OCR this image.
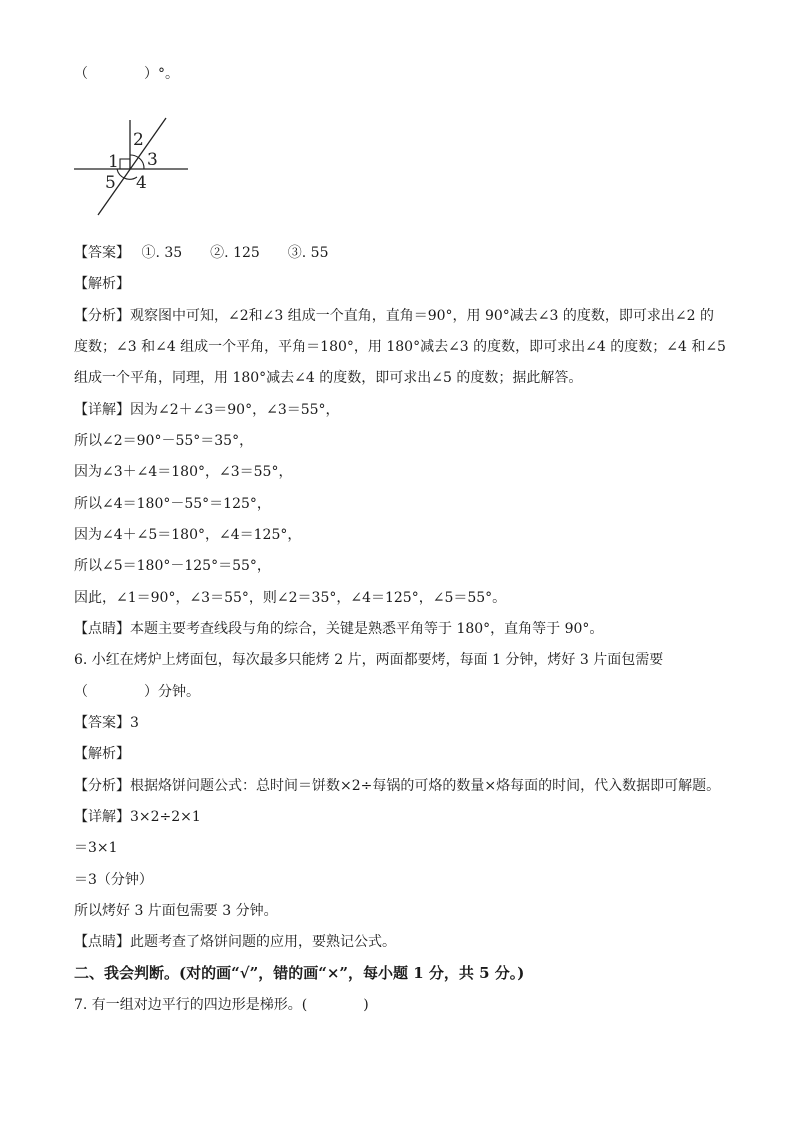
（　　　　）°。
1
2
3
4
5
【答案】　 ①. 35　　②. 125　　③. 55
【解析】
【分析】观察图中可知，∠2和∠3 组成一个直角，直角＝90°，用 90°减去∠3 的度数，即可求出∠2 的
度数；∠3 和∠4 组成一个平角，平角＝180°，用 180°减去∠3 的度数，即可求出∠4 的度数；∠4 和∠5
组成一个平角，同理，用 180°减去∠4 的度数，即可求出∠5 的度数；据此解答。
【详解】因为∠2＋∠3＝90°，∠3＝55°，
所以∠2＝90°－55°＝35°，
因为∠3＋∠4＝180°，∠3＝55°，
所以∠4＝180°－55°＝125°，
因为∠4＋∠5＝180°，∠4＝125°，
所以∠5＝180°－125°＝55°，
因此，∠1＝90°，∠3＝55°，则∠2＝35°，∠4＝125°，∠5＝55°。
【点睛】本题主要考查线段与角的综合，关键是熟悉平角等于 180°，直角等于 90°。
6. 小红在烤炉上烤面包，每次最多只能烤 2 片，两面都要烤，每面 1 分钟，烤好 3 片面包需要
（　　　　）分钟。
【答案】3
【解析】
【分析】根据烙饼问题公式：总时间＝饼数×2÷每锅的可烙的数量×烙每面的时间，代入数据即可解题。
【详解】3×2÷2×1
＝3×1
＝3（分钟）
所以烤好 3 片面包需要 3 分钟。
【点睛】此题考查了烙饼问题的应用，要熟记公式。
二、我会判断。(对的画“√”，错的画“×”，每小题 1 分，共 5 分。)
7. 有一组对边平行的四边形是梯形。(　　　　)
